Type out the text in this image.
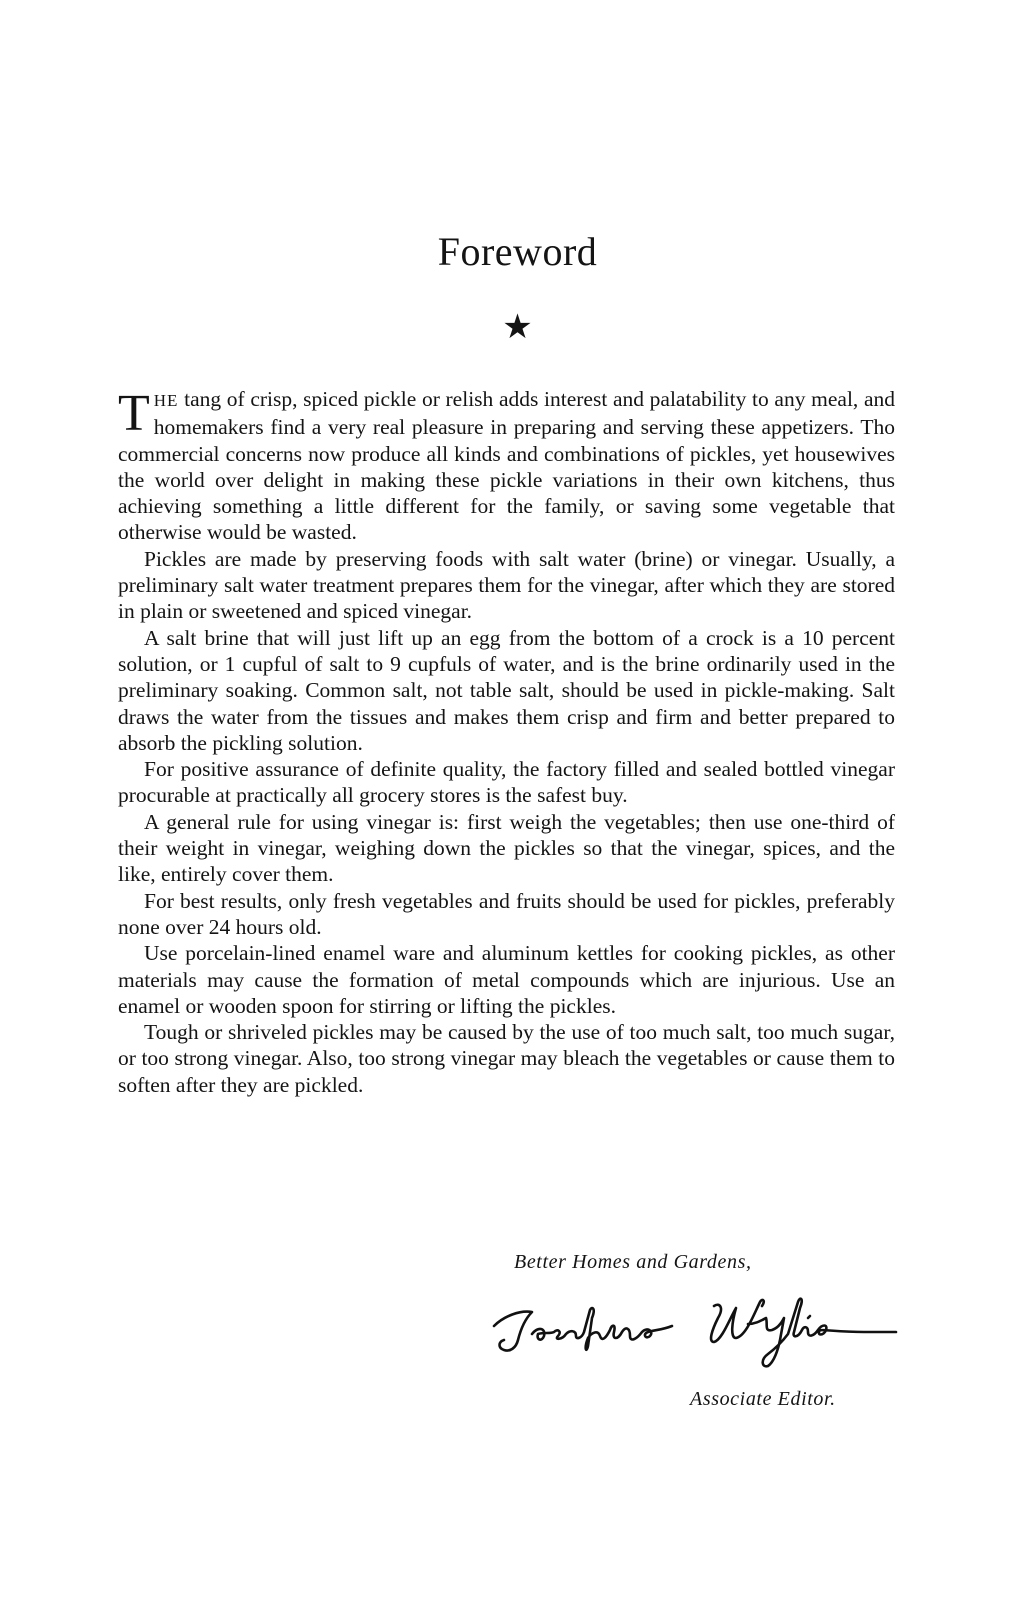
Foreword
★

THE tang of crisp, spiced pickle or relish adds interest and palatability to any meal, and homemakers find a very real pleasure in preparing and serving these appetizers. Tho commercial concerns now produce all kinds and combinations of pickles, yet housewives the world over delight in making these pickle variations in their own kitchens, thus achieving something a little different for the family, or saving some vegetable that otherwise would be wasted.

Pickles are made by preserving foods with salt water (brine) or vinegar. Usually, a preliminary salt water treatment prepares them for the vinegar, after which they are stored in plain or sweetened and spiced vinegar.

A salt brine that will just lift up an egg from the bottom of a crock is a 10 percent solution, or 1 cupful of salt to 9 cupfuls of water, and is the brine ordinarily used in the preliminary soaking. Common salt, not table salt, should be used in pickle-making. Salt draws the water from the tissues and makes them crisp and firm and better prepared to absorb the pickling solution.

For positive assurance of definite quality, the factory filled and sealed bottled vinegar procurable at practically all grocery stores is the safest buy.

A general rule for using vinegar is: first weigh the vegetables; then use one-third of their weight in vinegar, weighing down the pickles so that the vinegar, spices, and the like, entirely cover them.

For best results, only fresh vegetables and fruits should be used for pickles, preferably none over 24 hours old.

Use porcelain-lined enamel ware and aluminum kettles for cooking pickles, as other materials may cause the formation of metal compounds which are injurious. Use an enamel or wooden spoon for stirring or lifting the pickles.

Tough or shriveled pickles may be caused by the use of too much salt, too much sugar, or too strong vinegar. Also, too strong vinegar may bleach the vegetables or cause them to soften after they are pickled.

Better Homes and Gardens,
Associate Editor.
